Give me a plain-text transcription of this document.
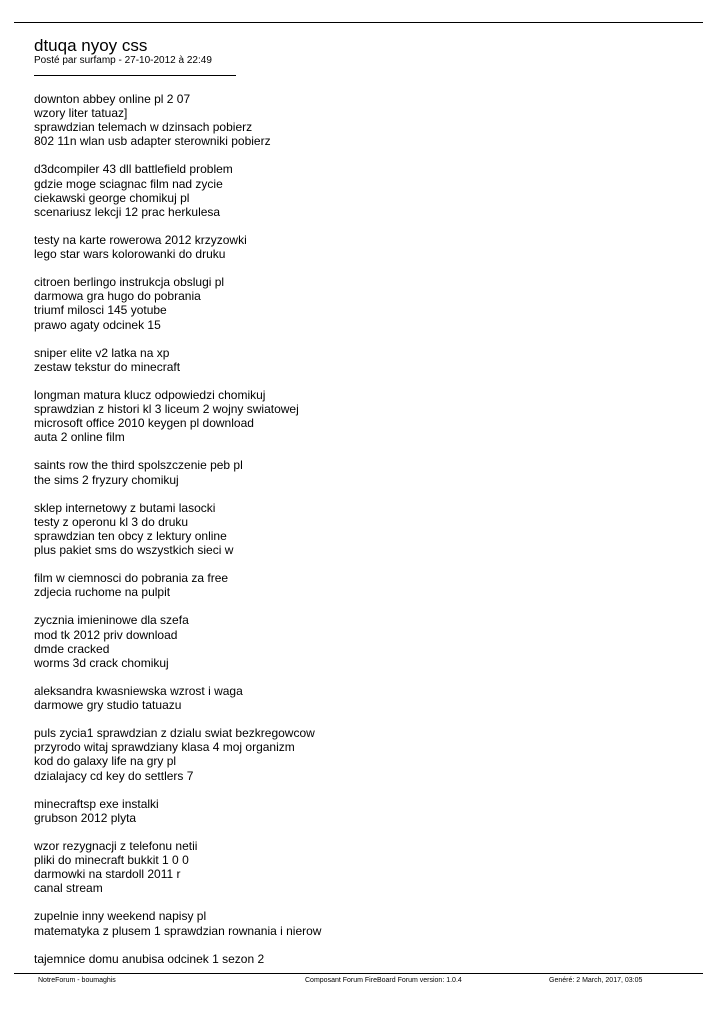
dtuqa nyoy css
Posté par surfamp - 27-10-2012 à 22:49
downton abbey online pl 2 07
wzory liter tatuaz]
sprawdzian telemach w dzinsach pobierz
802 11n wlan usb adapter sterowniki pobierz
d3dcompiler 43 dll battlefield problem
gdzie moge sciagnac film nad zycie
ciekawski george chomikuj pl
scenariusz lekcji 12 prac herkulesa
testy na karte rowerowa 2012 krzyzowki
lego star wars kolorowanki do druku
citroen berlingo instrukcja obslugi pl
darmowa gra hugo do pobrania
triumf milosci 145 yotube
prawo agaty odcinek 15
sniper elite v2 latka na xp
zestaw tekstur do minecraft
longman matura klucz odpowiedzi chomikuj
sprawdzian z histori kl 3 liceum 2 wojny swiatowej
microsoft office 2010 keygen pl download
auta 2 online film
saints row the third spolszczenie peb pl
the sims 2 fryzury chomikuj
sklep internetowy z butami lasocki
testy z operonu kl 3 do druku
sprawdzian ten obcy z lektury online
plus pakiet sms do wszystkich sieci w
film w ciemnosci do pobrania za free
zdjecia ruchome na pulpit
zycznia imieninowe dla szefa
mod tk 2012 priv download
dmde cracked
worms 3d crack chomikuj
aleksandra kwasniewska wzrost i waga
darmowe gry studio tatuazu
puls zycia1 sprawdzian z dzialu swiat bezkregowcow
przyrodo witaj sprawdziany klasa 4 moj organizm
kod do galaxy life na gry pl
dzialajacy cd key do settlers 7
minecraftsp exe instalki
grubson 2012 plyta
wzor rezygnacji z telefonu netii
pliki do minecraft bukkit 1 0 0
darmowki na stardoll 2011 r
canal stream
zupelnie inny weekend napisy pl
matematyka z plusem 1 sprawdzian rownania i nierow
tajemnice domu anubisa odcinek 1 sezon 2
NotreForum - boumaghis	Composant Forum FireBoard Forum version: 1.0.4	Genéré: 2 March, 2017, 03:05
